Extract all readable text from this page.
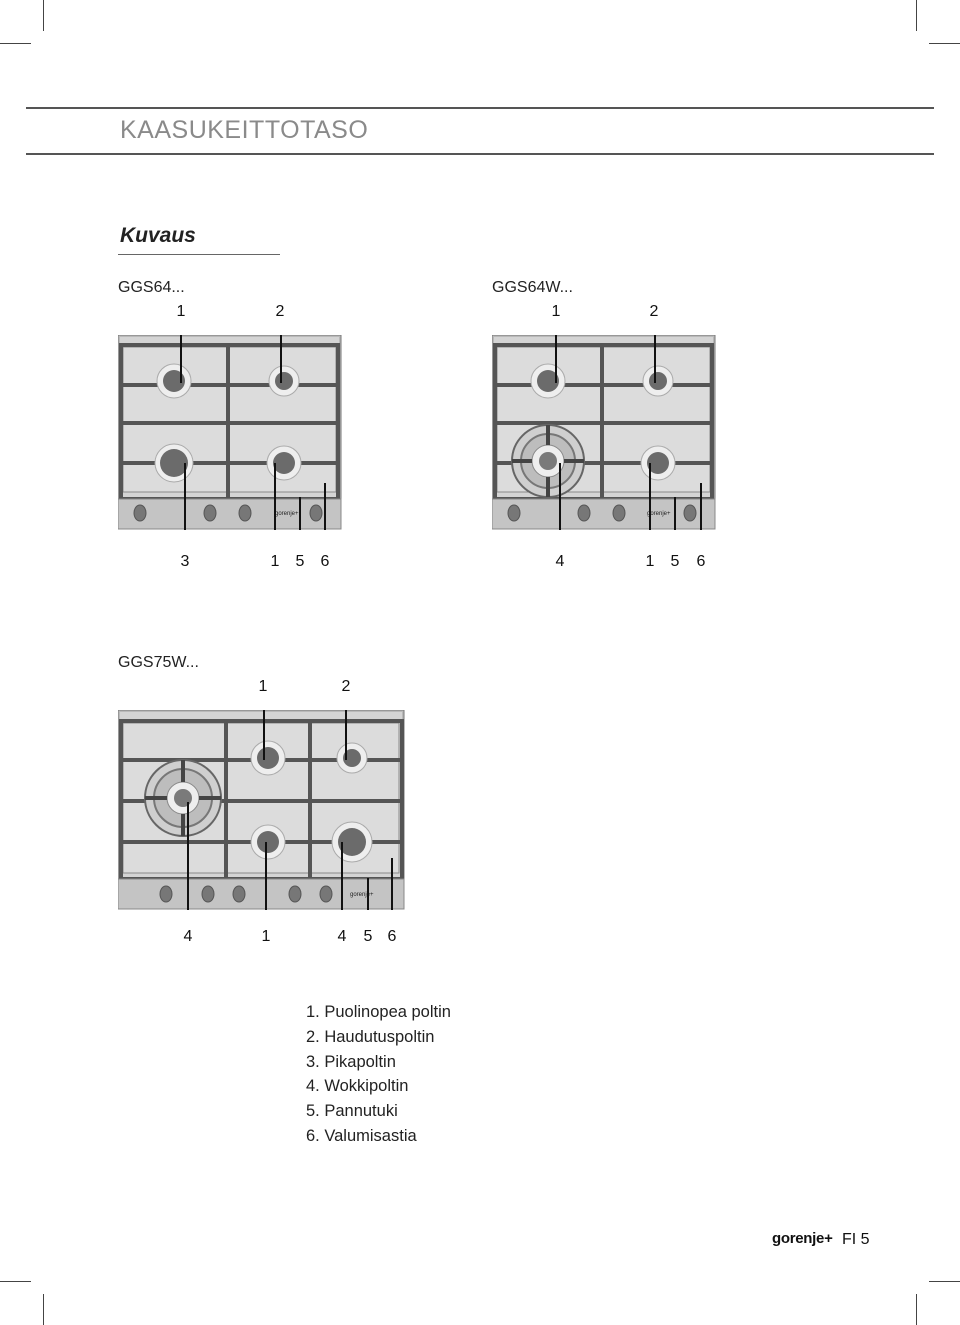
KAASUKEITTOTASO
Kuvaus
GGS64...
1	2
gorenje+
3	1 5 6
GGS64W...
1	2
gorenje+
4	1 5 6
GGS75W...
1	2
gorenje+
4	1	4 5 6
1. Puolinopea poltin
2. Haudutuspoltin
3. Pikapoltin
4. Wokkipoltin
5. Pannutuki
6. Valumisastia
gorenje+ FI 5
